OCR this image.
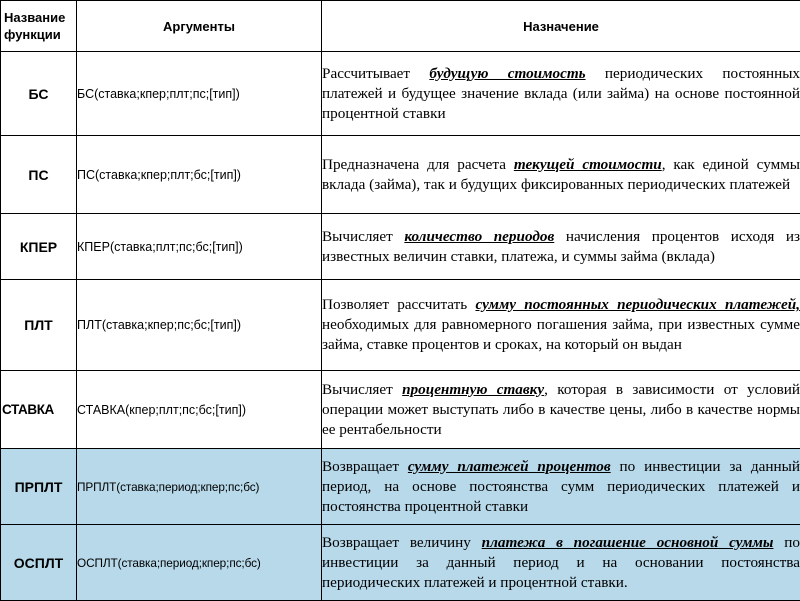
Название функции	Аргументы	Назначение
БС	БС(ставка;кпер;плт;пс;[тип])	Рассчитывает будущую стоимость периодических постоянных платежей и будущее значение вклада (или займа) на основе постоянной процентной ставки
ПС	ПС(ставка;кпер;плт;бс;[тип])	Предназначена для расчета текущей стоимости, как единой суммы вклада (займа), так и будущих фиксированных периодических платежей
КПЕР	КПЕР(ставка;плт;пс;бс;[тип])	Вычисляет количество периодов начисления процентов исходя из известных величин ставки, платежа, и суммы займа (вклада)
ПЛТ	ПЛТ(ставка;кпер;пс;бс;[тип])	Позволяет рассчитать сумму постоянных периодических платежей, необходимых для равномерного погашения займа, при известных сумме займа, ставке процентов и сроках, на который он выдан
СТАВКА	СТАВКА(кпер;плт;пс;бс;[тип])	Вычисляет процентную ставку, которая в зависимости от условий операции может выступать либо в качестве цены, либо в качестве нормы ее рентабельности
ПРПЛТ	ПРПЛТ(ставка;период;кпер;пс;бс)	Возвращает сумму платежей процентов по инвестиции за данный период, на основе постоянства сумм периодических платежей и постоянства процентной ставки
ОСПЛТ	ОСПЛТ(ставка;период;кпер;пс;бс)	Возвращает величину платежа в погашение основной суммы по инвестиции за данный период и на основании постоянства периодических платежей и процентной ставки.
